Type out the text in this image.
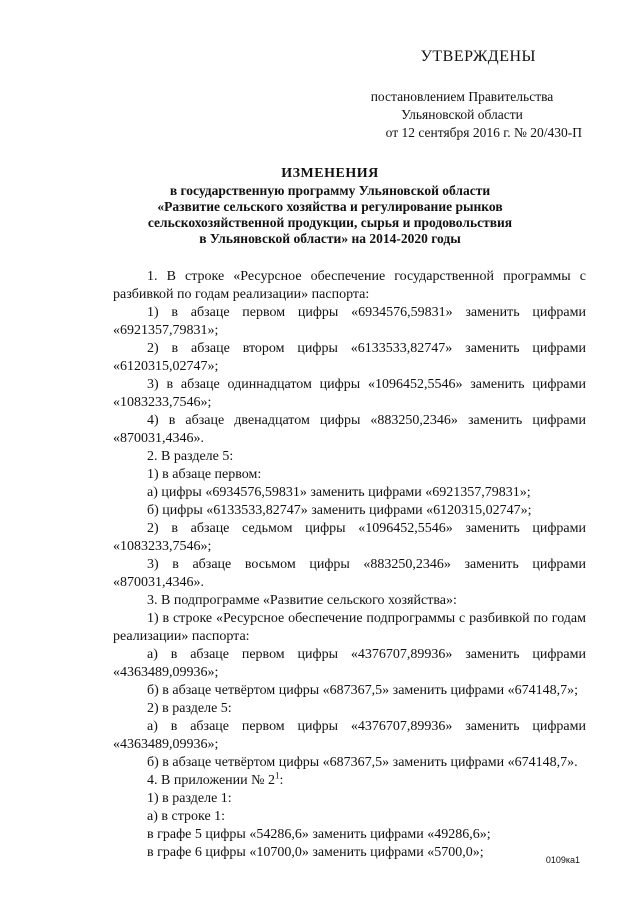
УТВЕРЖДЕНЫ
постановлением Правительства
Ульяновской области
от 12 сентября 2016 г. № 20/430-П
ИЗМЕНЕНИЯ
в государственную программу Ульяновской области
«Развитие сельского хозяйства и регулирование рынков
сельскохозяйственной продукции, сырья и продовольствия
в Ульяновской области» на 2014-2020 годы

1. В строке «Ресурсное обеспечение государственной программы с разбивкой по годам реализации» паспорта:

1) в абзаце первом цифры «6934576,59831» заменить цифрами «6921357,79831»;

2) в абзаце втором цифры «6133533,82747» заменить цифрами «6120315,02747»;

3) в абзаце одиннадцатом цифры «1096452,5546» заменить цифрами «1083233,7546»;

4) в абзаце двенадцатом цифры «883250,2346» заменить цифрами «870031,4346».

2. В разделе 5:

1) в абзаце первом:

а) цифры «6934576,59831» заменить цифрами «6921357,79831»;

б) цифры «6133533,82747» заменить цифрами «6120315,02747»;

2) в абзаце седьмом цифры «1096452,5546» заменить цифрами «1083233,7546»;

3) в абзаце восьмом цифры «883250,2346» заменить цифрами «870031,4346».

3. В подпрограмме «Развитие сельского хозяйства»:

1) в строке «Ресурсное обеспечение подпрограммы с разбивкой по годам реализации» паспорта:

а) в абзаце первом цифры «4376707,89936» заменить цифрами «4363489,09936»;

б) в абзаце четвёртом цифры «687367,5» заменить цифрами «674148,7»;

2) в разделе 5:

а) в абзаце первом цифры «4376707,89936» заменить цифрами «4363489,09936»;

б) в абзаце четвёртом цифры «687367,5» заменить цифрами «674148,7».

4. В приложении № $2^1$:

1) в разделе 1:

а) в строке 1:

в графе 5 цифры «54286,6» заменить цифрами «49286,6»;

в графе 6 цифры «10700,0» заменить цифрами «5700,0»;	0109ка1
